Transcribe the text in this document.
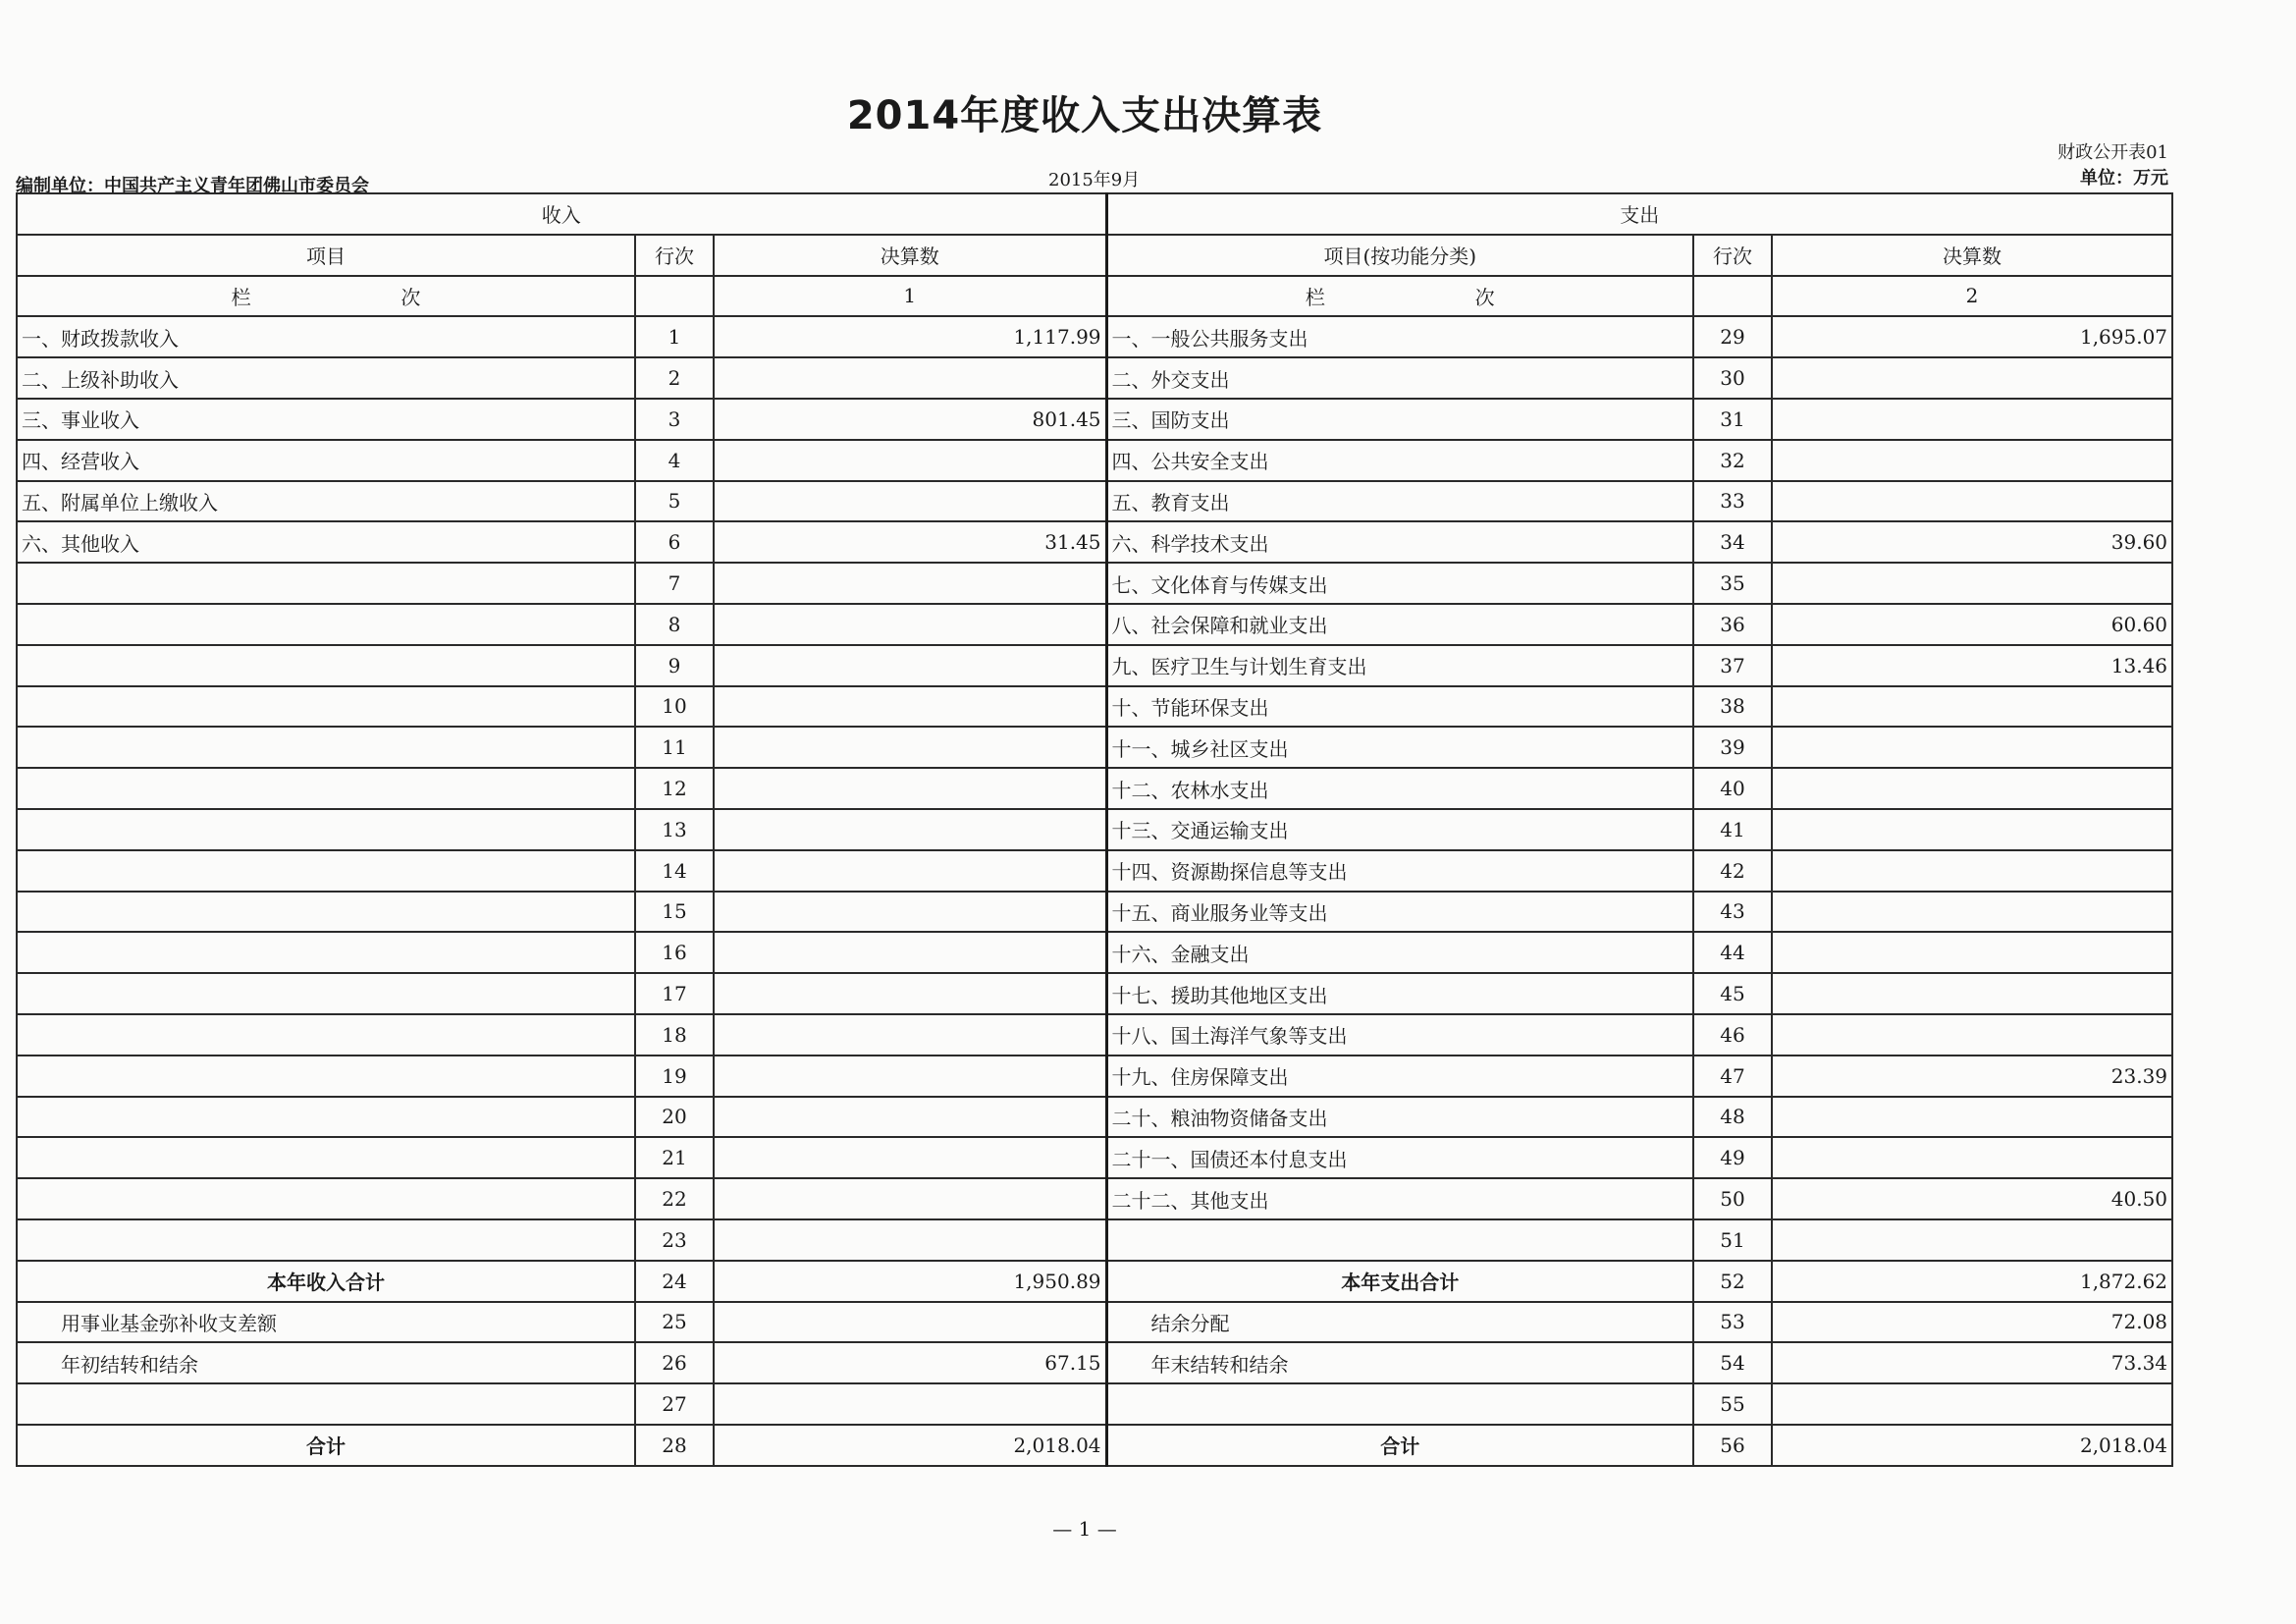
2014年度收入支出决算表
编制单位：中国共产主义青年团佛山市委员会	2015年9月
财政公开表01
单位：万元
收入			支出		
项目	行次	决算数	项目(按功能分类)	行次	决算数
栏 次		1	栏 次		2
一、财政拨款收入	1	1,117.99	一、一般公共服务支出	29	1,695.07
二、上级补助收入	2		二、外交支出	30	
三、事业收入	3	801.45	三、国防支出	31	
四、经营收入	4		四、公共安全支出	32	
五、附属单位上缴收入	5		五、教育支出	33	
六、其他收入	6	31.45	六、科学技术支出	34	39.60
	7		七、文化体育与传媒支出	35	
	8		八、社会保障和就业支出	36	60.60
	9		九、医疗卫生与计划生育支出	37	13.46
	10		十、节能环保支出	38	
	11		十一、城乡社区支出	39	
	12		十二、农林水支出	40	
	13		十三、交通运输支出	41	
	14		十四、资源勘探信息等支出	42	
	15		十五、商业服务业等支出	43	
	16		十六、金融支出	44	
	17		十七、援助其他地区支出	45	
	18		十八、国土海洋气象等支出	46	
	19		十九、住房保障支出	47	23.39
	20		二十、粮油物资储备支出	48	
	21		二十一、国债还本付息支出	49	
	22		二十二、其他支出	50	40.50
	23			51	
本年收入合计	24	1,950.89	本年支出合计	52	1,872.62
用事业基金弥补收支差额	25		结余分配	53	72.08
年初结转和结余	26	67.15	年末结转和结余	54	73.34
	27			55	
合计	28	2,018.04	合计	56	2,018.04
— 1 —
